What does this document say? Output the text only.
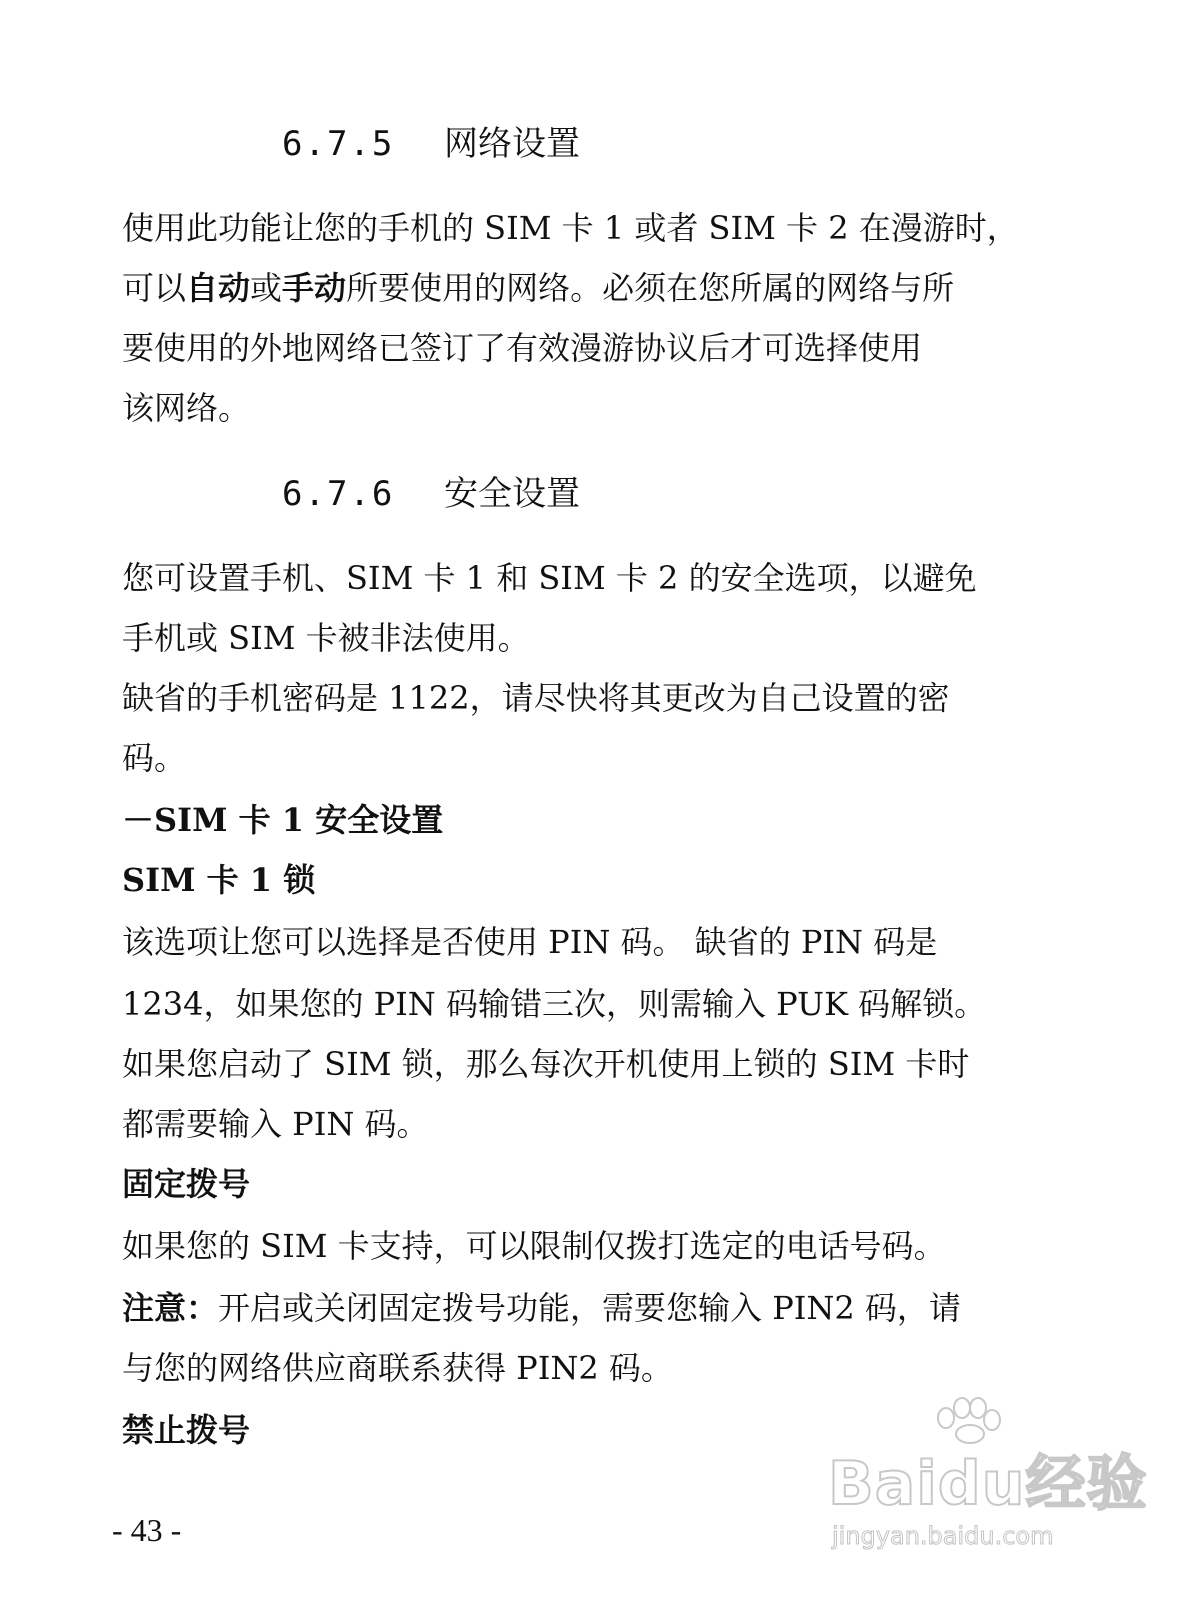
6.7.5 网络设置
使用此功能让您的手机的 SIM 卡 1 或者 SIM 卡 2 在漫游时，
可以自动或手动所要使用的网络。必须在您所属的网络与所
要使用的外地网络已签订了有效漫游协议后才可选择使用
该网络。
6.7.6 安全设置
您可设置手机、SIM 卡 1 和 SIM 卡 2 的安全选项，以避免
手机或 SIM 卡被非法使用。
缺省的手机密码是 1122，请尽快将其更改为自己设置的密
码。
－SIM 卡 1 安全设置
SIM 卡 1 锁
该选项让您可以选择是否使用 PIN 码。 缺省的 PIN 码是
1234，如果您的 PIN 码输错三次，则需输入 PUK 码解锁。
如果您启动了 SIM 锁，那么每次开机使用上锁的 SIM 卡时
都需要输入 PIN 码。
固定拨号
如果您的 SIM 卡支持，可以限制仅拨打选定的电话号码。
注意：开启或关闭固定拨号功能，需要您输入 PIN2 码，请
与您的网络供应商联系获得 PIN2 码。
禁止拨号
- 43 -
Baidu经验
jingyan.baidu.com
